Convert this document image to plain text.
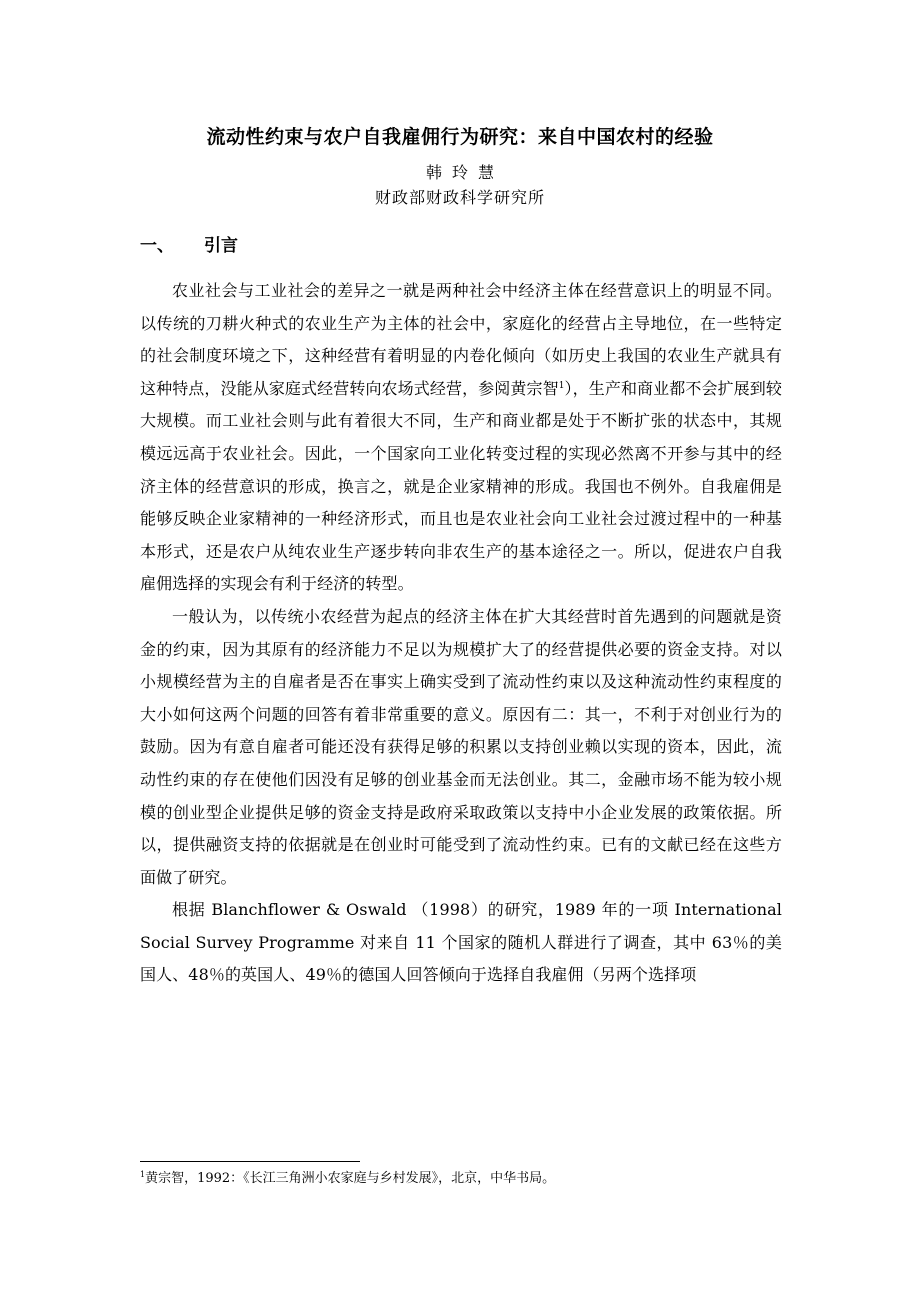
流动性约束与农户自我雇佣行为研究：来自中国农村的经验
韩玲慧
财政部财政科学研究所
一、 引言

农业社会与工业社会的差异之一就是两种社会中经济主体在经营意识上的明显不同。以传统的刀耕火种式的农业生产为主体的社会中，家庭化的经营占主导地位，在一些特定的社会制度环境之下，这种经营有着明显的内卷化倾向（如历史上我国的农业生产就具有这种特点，没能从家庭式经营转向农场式经营，参阅黄宗智$^1$），生产和商业都不会扩展到较大规模。而工业社会则与此有着很大不同，生产和商业都是处于不断扩张的状态中，其规模远远高于农业社会。因此，一个国家向工业化转变过程的实现必然离不开参与其中的经济主体的经营意识的形成，换言之，就是企业家精神的形成。我国也不例外。自我雇佣是能够反映企业家精神的一种经济形式，而且也是农业社会向工业社会过渡过程中的一种基本形式，还是农户从纯农业生产逐步转向非农生产的基本途径之一。所以，促进农户自我雇佣选择的实现会有利于经济的转型。

一般认为，以传统小农经营为起点的经济主体在扩大其经营时首先遇到的问题就是资金的约束，因为其原有的经济能力不足以为规模扩大了的经营提供必要的资金支持。对以小规模经营为主的自雇者是否在事实上确实受到了流动性约束以及这种流动性约束程度的大小如何这两个问题的回答有着非常重要的意义。原因有二：其一，不利于对创业行为的鼓励。因为有意自雇者可能还没有获得足够的积累以支持创业赖以实现的资本，因此，流动性约束的存在使他们因没有足够的创业基金而无法创业。其二，金融市场不能为较小规模的创业型企业提供足够的资金支持是政府采取政策以支持中小企业发展的政策依据。所以，提供融资支持的依据就是在创业时可能受到了流动性约束。已有的文献已经在这些方面做了研究。

根据 Blanchflower & Oswald （1998）的研究，1989 年的一项 International Social Survey Programme 对来自 11 个国家的随机人群进行了调查，其中 63％的美国人、48％的英国人、49％的德国人回答倾向于选择自我雇佣（另两个选择项

$^1$黄宗智，1992：《长江三角洲小农家庭与乡村发展》，北京，中华书局。
